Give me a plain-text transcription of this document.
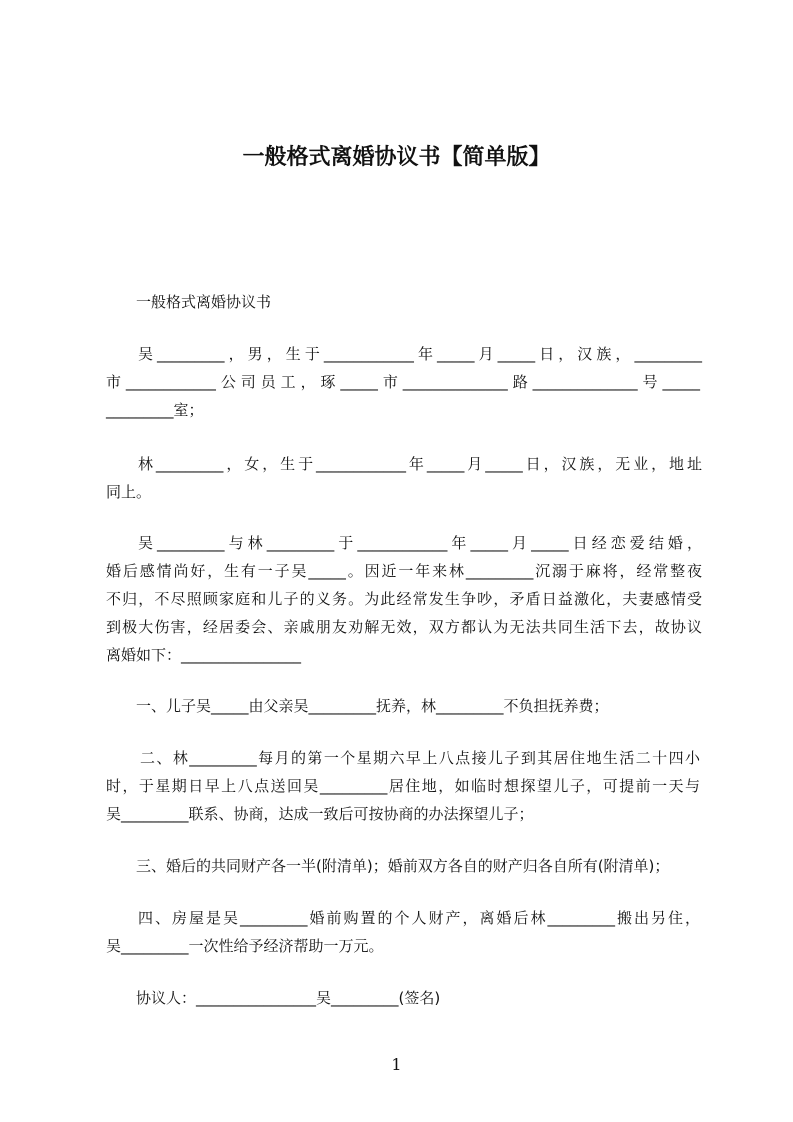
一般格式离婚协议书【简单版】
一般格式离婚协议书
吴_________，男，生于____________年_____月_____日，汉族，_________
市____________公司员工，琢_____市______________路______________号_____
_________室；
林_________，女，生于____________年_____月_____日，汉族，无业，地址
同上。
吴_________与林_________于____________年_____月_____日经恋爱结婚，
婚后感情尚好，生有一子吴_____。因近一年来林_________沉溺于麻将，经常整夜
不归，不尽照顾家庭和儿子的义务。为此经常发生争吵，矛盾日益激化，夫妻感情受
到极大伤害，经居委会、亲戚朋友劝解无效，双方都认为无法共同生活下去，故协议
离婚如下：________________
一、儿子吴_____由父亲吴_________抚养，林_________不负担抚养费；
二、林_________每月的第一个星期六早上八点接儿子到其居住地生活二十四小
时，于星期日早上八点送回吴_________居住地，如临时想探望儿子，可提前一天与
吴_________联系、协商，达成一致后可按协商的办法探望儿子；
三、婚后的共同财产各一半(附清单)；婚前双方各自的财产归各自所有(附清单)；
四、房屋是吴_________婚前购置的个人财产，离婚后林_________搬出另住，
吴_________一次性给予经济帮助一万元。
协议人：________________吴_________(签名)
1
